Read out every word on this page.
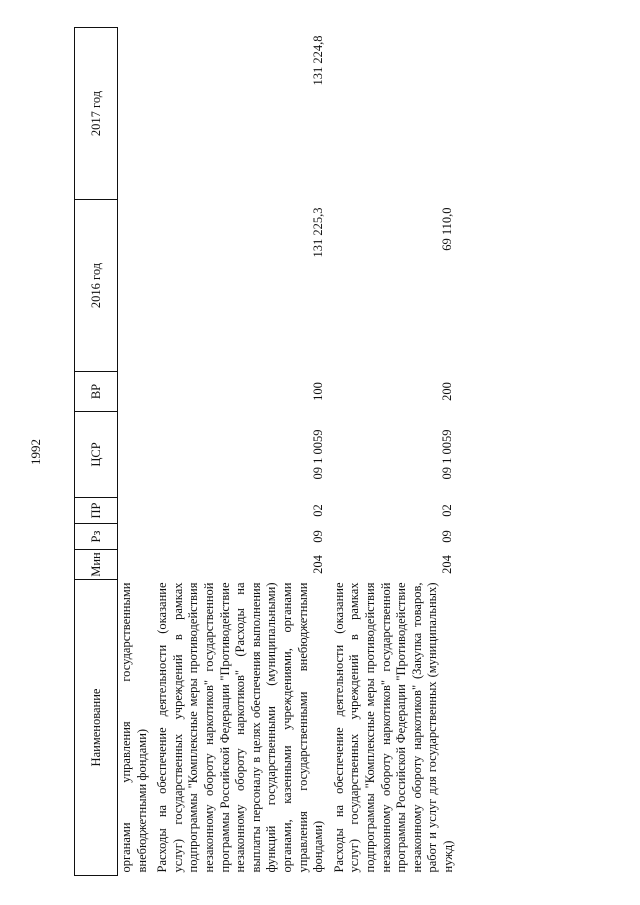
1992
Наименование	Мин	Рз	ПР	ЦСР	ВР	2016 год	2017 год
органами управления государственными внебюджетными фондами)							
Расходы на обеспечение деятельности (оказание услуг) государственных учреждений в рамках подпрограммы "Комплексные меры противодействия незаконному обороту наркотиков" государственной программы Российской Федерации "Противодействие незаконному обороту наркотиков" (Расходы на выплаты персоналу в целях обеспечения выполнения функций государственными (муниципальными) органами, казенными учреждениями, органами управления государственными внебюджетными фондами)	204	09	02	09 1 0059	100	131 225,3	131 224,8
Расходы на обеспечение деятельности (оказание услуг) государственных учреждений в рамках подпрограммы "Комплексные меры противодействия незаконному обороту наркотиков" государственной программы Российской Федерации "Противодействие незаконному обороту наркотиков" (Закупка товаров, работ и услуг для государственных (муниципальных) нужд)	204	09	02	09 1 0059	200	69 110,0	
